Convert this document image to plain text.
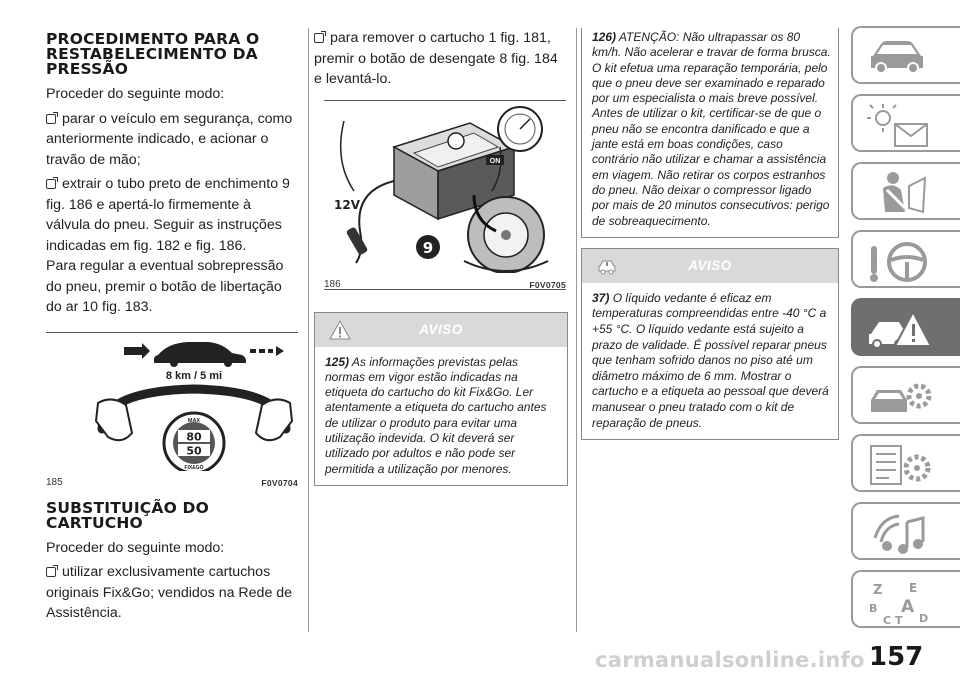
PROCEDIMENTO PARA O RESTABELECIMENTO DA PRESSÃO

Proceder do seguinte modo:

parar o veículo em segurança, como anteriormente indicado, e acionar o travão de mão;

extrair o tubo preto de enchimento 9 fig. 186 e apertá-lo firmemente à válvula do pneu. Seguir as instruções indicadas em fig. 182 e fig. 186.

Para regular a eventual sobrepressão do pneu, premir o botão de libertação do ar 10 fig. 183.

8 km / 5 mi
80
50
MAX
FIX&GO
185	F0V0704
SUBSTITUIÇÃO DO CARTUCHO

Proceder do seguinte modo:

utilizar exclusivamente cartuchos originais Fix&Go; vendidos na Rede de Assistência.

para remover o cartucho 1 fig. 181, premir o botão de desengate 8 fig. 184 e levantá-lo.

ON
12V
9
186	F0V0705
AVISO
125) As informações previstas pelas normas em vigor estão indicadas na etiqueta do cartucho do kit Fix&Go. Ler atentamente a etiqueta do cartucho antes de utilizar o produto para evitar uma utilização indevida. O kit deverá ser utilizado por adultos e não pode ser permitida a utilização por menores.
126) ATENÇÃO: Não ultrapassar os 80 km/h. Não acelerar e travar de forma brusca. O kit efetua uma reparação temporária, pelo que o pneu deve ser examinado e reparado por um especialista o mais breve possível. Antes de utilizar o kit, certificar-se de que o pneu não se encontra danificado e que a jante está em boas condições, caso contrário não utilizar e chamar a assistência em viagem. Não retirar os corpos estranhos do pneu. Não deixar o compressor ligado por mais de 20 minutos consecutivos: perigo de sobreaquecimento.
AVISO
37) O líquido vedante é eficaz em temperaturas compreendidas entre -40 °C a +55 °C. O líquido vedante está sujeito a prazo de validade. É possível reparar pneus que tenham sofrido danos no piso até um diâmetro máximo de 6 mm. Mostrar o cartucho e a etiqueta ao pessoal que deverá manusear o pneu tratado com o kit de reparação de pneus.
Z E
B A
C T D
carmanualsonline.info 157
